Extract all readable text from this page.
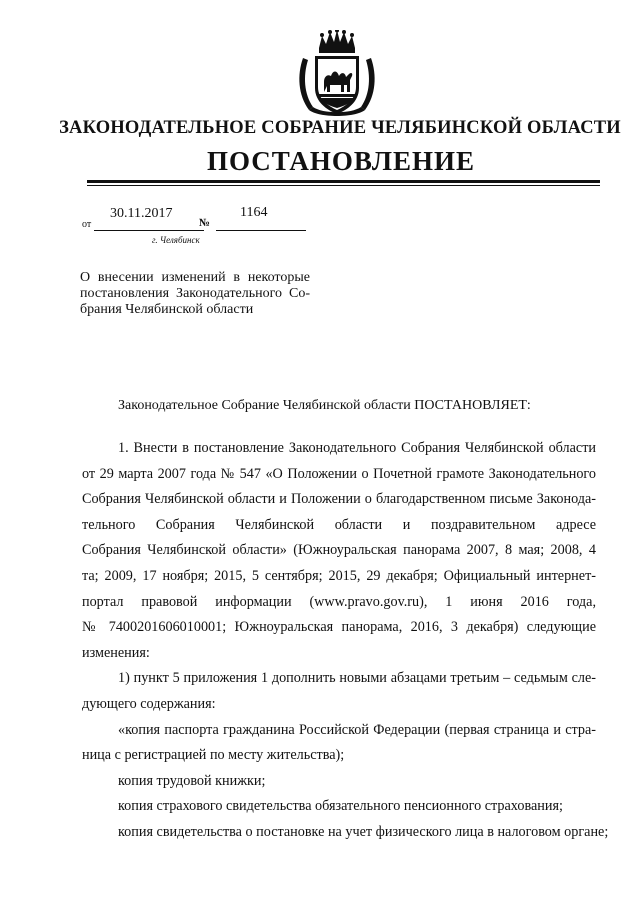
ЗАКОНОДАТЕЛЬНОЕ СОБРАНИЕ ЧЕЛЯБИНСКОЙ ОБЛАСТИ
ПОСТАНОВЛЕНИЕ
от
30.11.2017
№
1164
г. Челябинск

О внесении изменений в некоторые
постановления Законодательного Со-
брания Челябинской области

Законодательное Собрание Челябинской области ПОСТАНОВЛЯЕТ:
1. Внести в постановление Законодательного Собрания Челябинской области
от 29 марта 2007 года № 547 «О Положении о Почетной грамоте Законодательного
Собрания Челябинской области и Положении о благодарственном письме Законода-
тельного Собрания Челябинской области и поздравительном адресе
Собрания Челябинской области» (Южноуральская панорама 2007, 8 мая; 2008, 4
та; 2009, 17 ноября; 2015, 5 сентября; 2015, 29 декабря; Официальный интернет-
портал правовой информации (www.pravo.gov.ru), 1 июня 2016 года,
№ 7400201606010001; Южноуральская панорама, 2016, 3 декабря) следующие
изменения:
1) пункт 5 приложения 1 дополнить новыми абзацами третьим – седьмым сле-
дующего содержания:
«копия паспорта гражданина Российской Федерации (первая страница и стра-
ница с регистрацией по месту жительства);
копия трудовой книжки;
копия страхового свидетельства обязательного пенсионного страхования;
копия свидетельства о постановке на учет физического лица в налоговом органе;
